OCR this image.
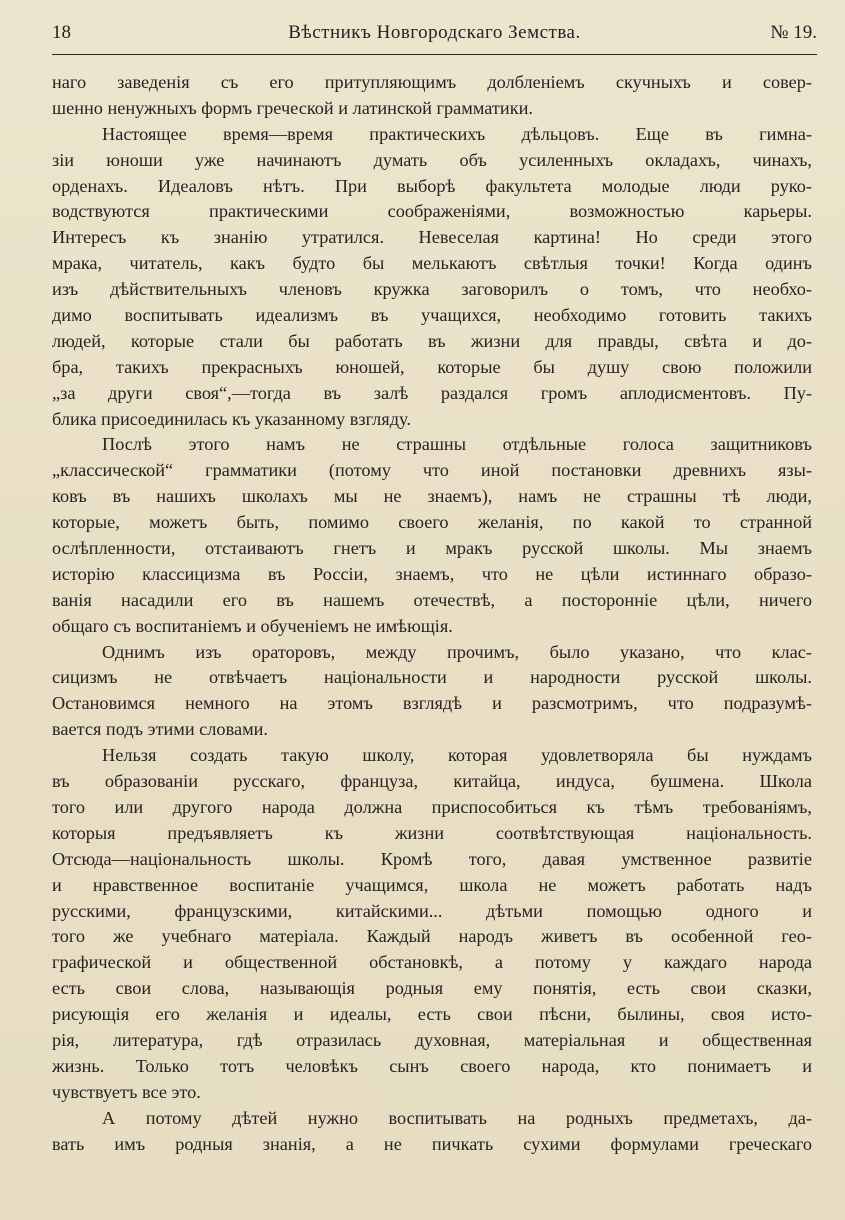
18	Вѣстникъ Новгородскаго Земства.	№ 19.
наго заведенія съ его притупляющимъ долбленіемъ скучныхъ и совер-
шенно ненужныхъ формъ греческой и латинской грамматики.
Настоящее время—время практическихъ дѣльцовъ. Еще въ гимна-
зіи юноши уже начинаютъ думать объ усиленныхъ окладахъ, чинахъ,
орденахъ. Идеаловъ нѣтъ. При выборѣ факультета молодые люди руко-
водствуются практическими соображеніями, возможностью карьеры.
Интересъ къ знанію утратился. Невеселая картина! Но среди этого
мрака, читатель, какъ будто бы мелькаютъ свѣтлыя точки! Когда одинъ
изъ дѣйствительныхъ членовъ кружка заговорилъ о томъ, что необхо-
димо воспитывать идеализмъ въ учащихся, необходимо готовить такихъ
людей, которые стали бы работать въ жизни для правды, свѣта и до-
бра, такихъ прекрасныхъ юношей, которые бы душу свою положили
„за други своя“,—тогда въ залѣ раздался громъ аплодисментовъ. Пу-
блика присоединилась къ указанному взгляду.
Послѣ этого намъ не страшны отдѣльные голоса защитниковъ
„классической“ грамматики (потому что иной постановки древнихъ язы-
ковъ въ нашихъ школахъ мы не знаемъ), намъ не страшны тѣ люди,
которые, можетъ быть, помимо своего желанія, по какой то странной
ослѣпленности, отстаиваютъ гнетъ и мракъ русской школы. Мы знаемъ
исторію классицизма въ Россіи, знаемъ, что не цѣли истиннаго образо-
ванія насадили его въ нашемъ отечествѣ, а посторонніе цѣли, ничего
общаго съ воспитаніемъ и обученіемъ не имѣющія.
Однимъ изъ ораторовъ, между прочимъ, было указано, что клас-
сицизмъ не отвѣчаетъ національности и народности русской школы.
Остановимся немного на этомъ взглядѣ и разсмотримъ, что подразумѣ-
вается подъ этими словами.
Нельзя создать такую школу, которая удовлетворяла бы нуждамъ
въ образованіи русскаго, француза, китайца, индуса, бушмена. Школа
того или другого народа должна приспособиться къ тѣмъ требованіямъ,
которыя предъявляетъ къ жизни соотвѣтствующая національность.
Отсюда—національность школы. Кромѣ того, давая умственное развитіе
и нравственное воспитаніе учащимся, школа не можетъ работать надъ
русскими, французскими, китайскими... дѣтьми помощью одного и
того же учебнаго матеріала. Каждый народъ живетъ въ особенной гео-
графической и общественной обстановкѣ, а потому у каждаго народа
есть свои слова, называющія родныя ему понятія, есть свои сказки,
рисующія его желанія и идеалы, есть свои пѣсни, былины, своя исто-
рія, литература, гдѣ отразилась духовная, матеріальная и общественная
жизнь. Только тотъ человѣкъ сынъ своего народа, кто понимаетъ и
чувствуетъ все это.
А потому дѣтей нужно воспитывать на родныхъ предметахъ, да-
вать имъ родныя знанія, а не пичкать сухими формулами греческаго
